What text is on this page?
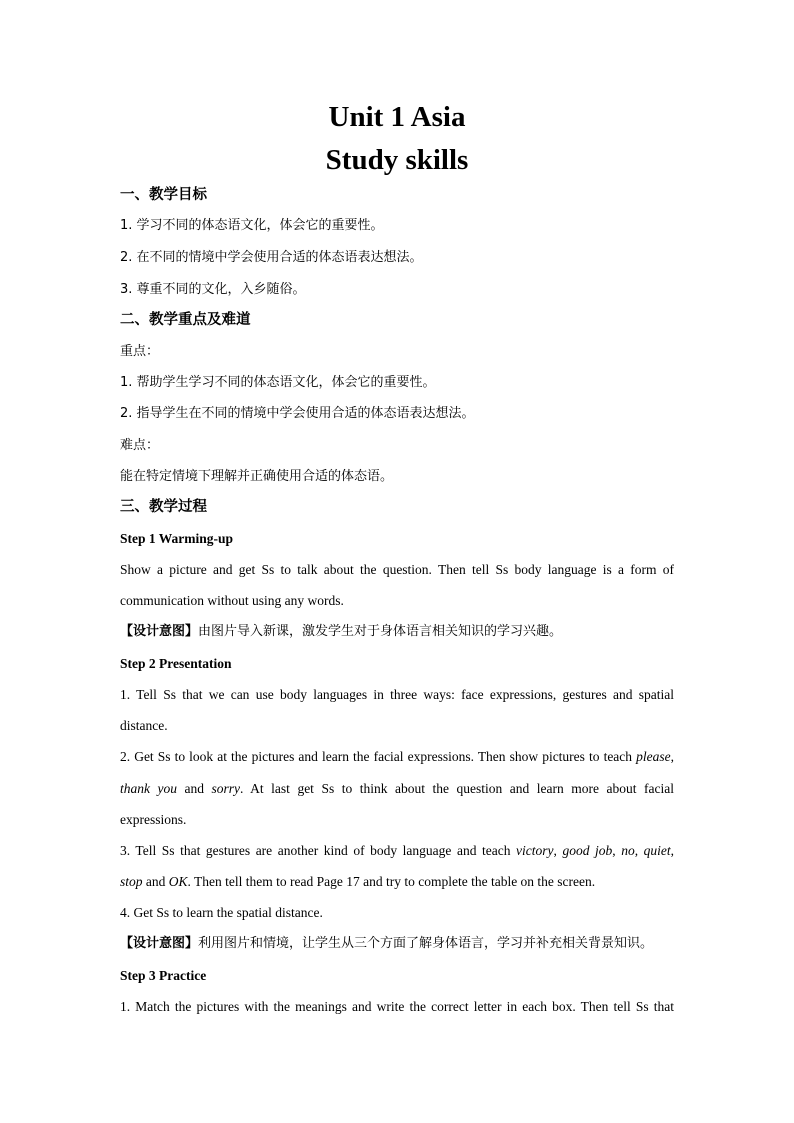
Unit 1 Asia
Study skills
一、教学目标
1. 学习不同的体态语文化，体会它的重要性。
2. 在不同的情境中学会使用合适的体态语表达想法。
3. 尊重不同的文化，入乡随俗。
二、教学重点及难道
重点：
1. 帮助学生学习不同的体态语文化，体会它的重要性。
2. 指导学生在不同的情境中学会使用合适的体态语表达想法。
难点：
能在特定情境下理解并正确使用合适的体态语。
三、教学过程
Step 1 Warming-up
Show a picture and get Ss to talk about the question. Then tell Ss body language is a form of
communication without using any words.
【设计意图】由图片导入新课，激发学生对于身体语言相关知识的学习兴趣。
Step 2 Presentation
1. Tell Ss that we can use body languages in three ways: face expressions, gestures and spatial
distance.
2. Get Ss to look at the pictures and learn the facial expressions. Then show pictures to teach please,
thank you and sorry. At last get Ss to think about the question and learn more about facial
expressions.
3. Tell Ss that gestures are another kind of body language and teach victory, good job, no, quiet,
stop and OK. Then tell them to read Page 17 and try to complete the table on the screen.
4. Get Ss to learn the spatial distance.
【设计意图】利用图片和情境，让学生从三个方面了解身体语言，学习并补充相关背景知识。
Step 3 Practice
1. Match the pictures with the meanings and write the correct letter in each box. Then tell Ss that
